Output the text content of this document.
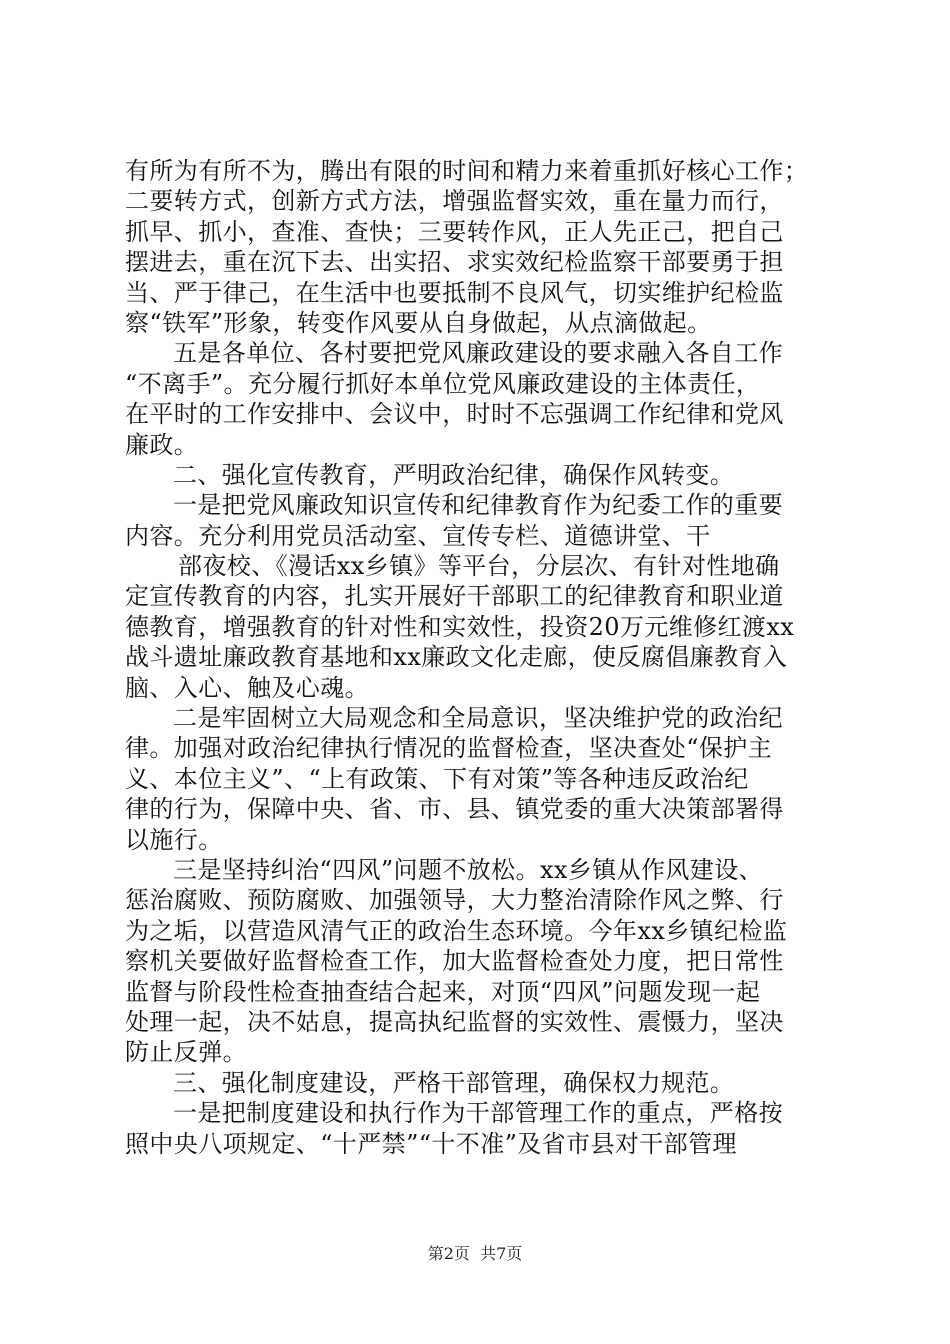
有所为有所不为，腾出有限的时间和精力来着重抓好核心工作；
二要转方式，创新方式方法，增强监督实效，重在量力而行，
抓早、抓小，查准、查快；三要转作风，正人先正己，把自己
摆进去，重在沉下去、出实招、求实效纪检监察干部要勇于担
当、严于律己，在生活中也要抵制不良风气，切实维护纪检监
察“铁军”形象，转变作风要从自身做起，从点滴做起。
五是各单位、各村要把党风廉政建设的要求融入各自工作
“不离手”。充分履行抓好本单位党风廉政建设的主体责任，
在平时的工作安排中、会议中，时时不忘强调工作纪律和党风
廉政。
二、强化宣传教育，严明政治纪律，确保作风转变。
一是把党风廉政知识宣传和纪律教育作为纪委工作的重要
内容。充分利用党员活动室、宣传专栏、道德讲堂、干
部夜校、《漫话xx乡镇》等平台，分层次、有针对性地确
定宣传教育的内容，扎实开展好干部职工的纪律教育和职业道
德教育，增强教育的针对性和实效性，投资20万元维修红渡xx
战斗遗址廉政教育基地和xx廉政文化走廊，使反腐倡廉教育入
脑、入心、触及心魂。
二是牢固树立大局观念和全局意识，坚决维护党的政治纪
律。加强对政治纪律执行情况的监督检查，坚决查处“保护主
义、本位主义”、“上有政策、下有对策”等各种违反政治纪
律的行为，保障中央、省、市、县、镇党委的重大决策部署得
以施行。
三是坚持纠治“四风”问题不放松。xx乡镇从作风建设、
惩治腐败、预防腐败、加强领导，大力整治清除作风之弊、行
为之垢，以营造风清气正的政治生态环境。今年xx乡镇纪检监
察机关要做好监督检查工作，加大监督检查处力度，把日常性
监督与阶段性检查抽查结合起来，对顶“四风”问题发现一起
处理一起，决不姑息，提高执纪监督的实效性、震慑力，坚决
防止反弹。
三、强化制度建设，严格干部管理，确保权力规范。
一是把制度建设和执行作为干部管理工作的重点，严格按
照中央八项规定、“十严禁”“十不准”及省市县对干部管理
第2页  共7页
